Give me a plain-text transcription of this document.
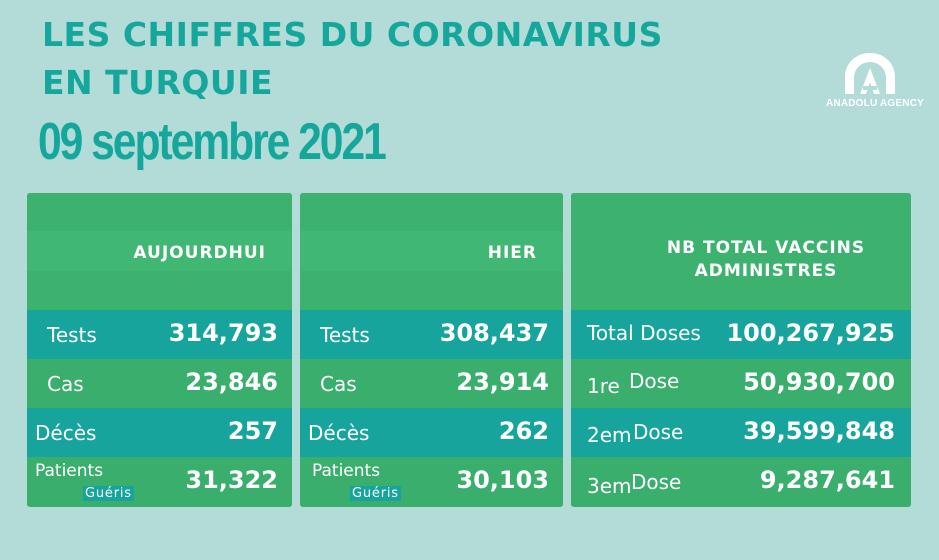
LES CHIFFRES DU CORONAVIRUS
EN TURQUIE
09 septembre 2021
ANADOLU AGENCY
AUJOURDHUI
Tests	314,793
Cas	23,846
Décès	257
Patients
Guéris 31,322
HIER
Tests	308,437
Cas	23,914
Décès	262
Patients
Guéris 30,103
NB TOTAL VACCINS
ADMINISTRES
Total Doses 100,267,925
1re Dose	50,930,700
2em Dose 39,599,848
3em Dose	9,287,641
